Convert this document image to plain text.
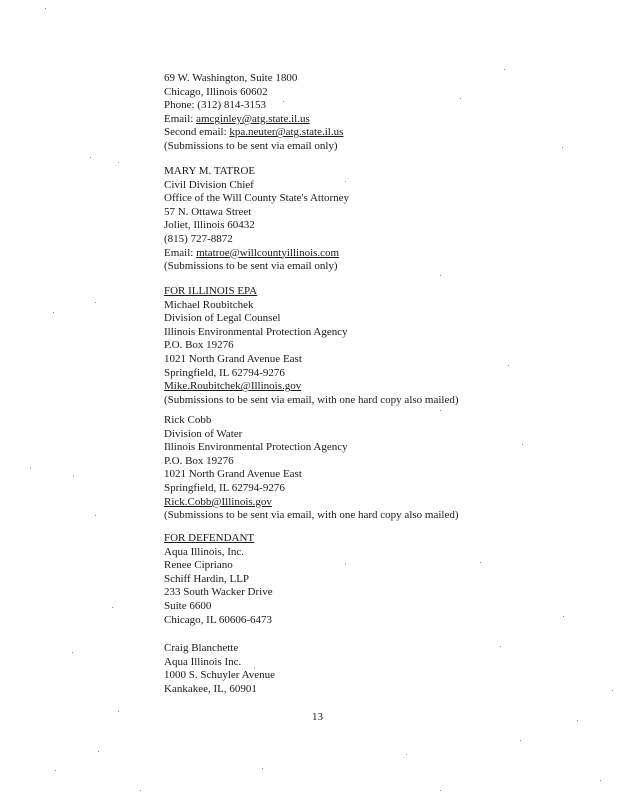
69 W. Washington, Suite 1800
Chicago, Illinois 60602
Phone: (312) 814-3153
Email: amcginley@atg.state.il.us
Second email: kpa.neuter@atg.state.il.us
(Submissions to be sent via email only)
MARY M. TATROE
Civil Division Chief
Office of the Will County State's Attorney
57 N. Ottawa Street
Joliet, Illinois 60432
(815) 727-8872
Email: mtatroe@willcountyillinois.com
(Submissions to be sent via email only)
FOR ILLINOIS EPA
Michael Roubitchek
Division of Legal Counsel
Illinois Environmental Protection Agency
P.O. Box 19276
1021 North Grand Avenue East
Springfield, IL 62794-9276
Mike.Roubitchek@Illinois.gov
(Submissions to be sent via email, with one hard copy also mailed)
Rick Cobb
Division of Water
Illinois Environmental Protection Agency
P.O. Box 19276
1021 North Grand Avenue East
Springfield, IL 62794-9276
Rick.Cobb@Illinois.gov
(Submissions to be sent via email, with one hard copy also mailed)
FOR DEFENDANT
Aqua Illinois, Inc.
Renee Cipriano
Schiff Hardin, LLP
233 South Wacker Drive
Suite 6600
Chicago, IL 60606-6473
Craig Blanchette
Aqua Illinois Inc.
1000 S. Schuyler Avenue
Kankakee, IL, 60901
13
